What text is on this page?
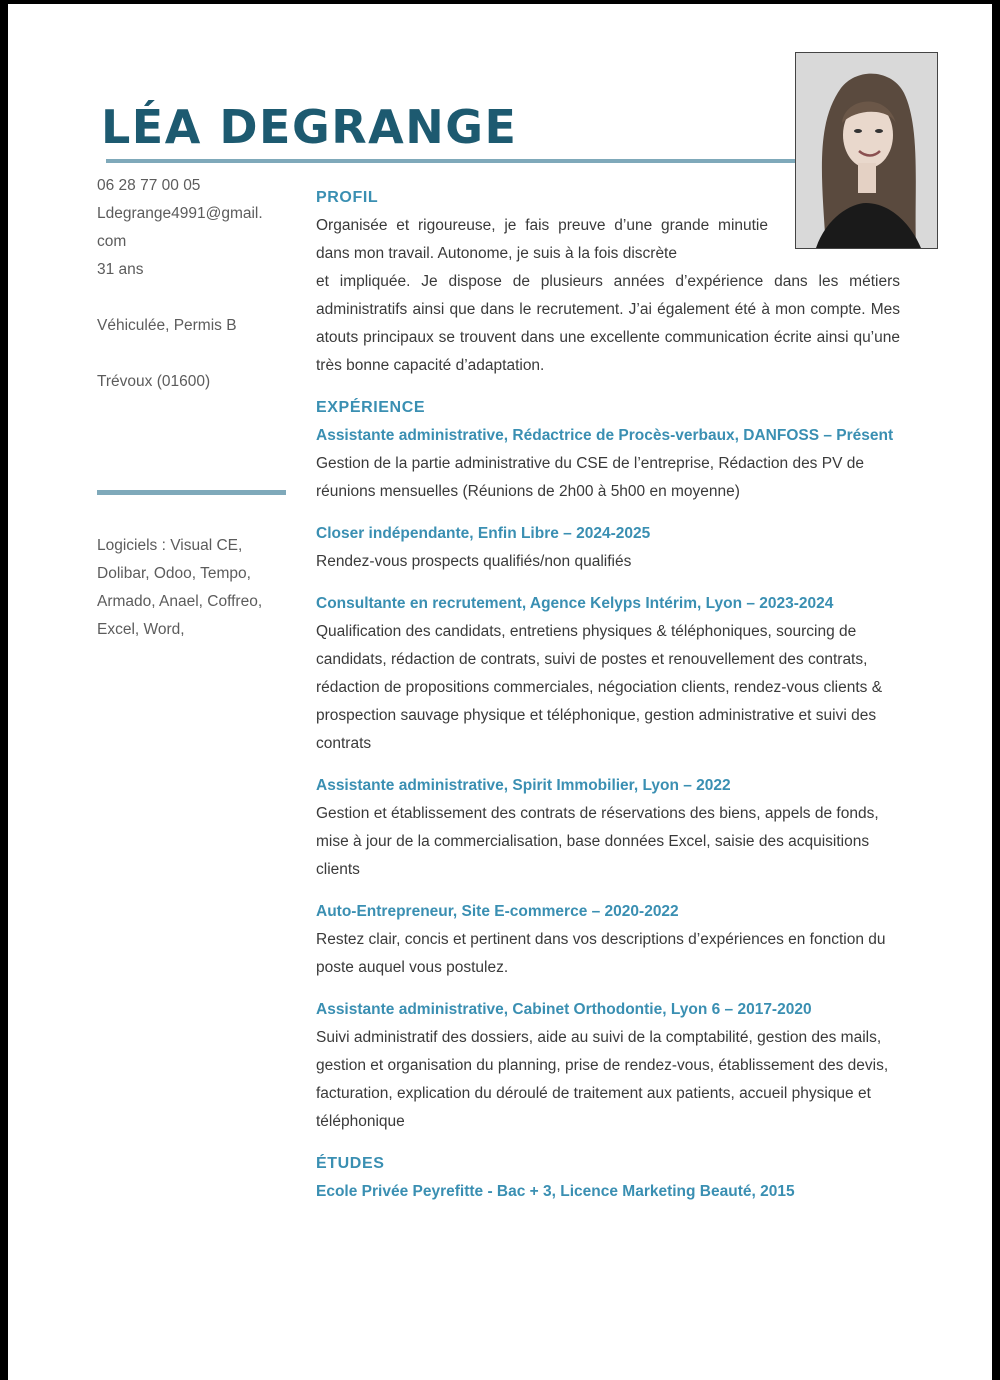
LÉA DEGRANGE

06 28 77 00 05

Ldegrange4991@gmail.
com

31 ans

Véhiculée, Permis B

Trévoux (01600)

Logiciels : Visual CE, Dolibar, Odoo, Tempo, Armado, Anael, Coffreo, Excel, Word,

PROFIL

Organisée et rigoureuse, je fais preuve d’une grande minutie dans mon travail. Autonome, je suis à la fois discrète
et impliquée. Je dispose de plusieurs années d’expérience dans les métiers administratifs ainsi que dans le recrutement. J’ai également été à mon compte. Mes atouts principaux se trouvent dans une excellente communication écrite ainsi qu’une très bonne capacité d’adaptation.

EXPÉRIENCE

Assistante administrative, Rédactrice de Procès-verbaux, DANFOSS – Présent

Gestion de la partie administrative du CSE de l’entreprise, Rédaction des PV de réunions mensuelles (Réunions de 2h00 à 5h00 en moyenne)

Closer indépendante, Enfin Libre – 2024-2025

Rendez-vous prospects qualifiés/non qualifiés

Consultante en recrutement, Agence Kelyps Intérim, Lyon – 2023-2024

Qualification des candidats, entretiens physiques & téléphoniques, sourcing de candidats, rédaction de contrats, suivi de postes et renouvellement des contrats, rédaction de propositions commerciales, négociation clients, rendez-vous clients & prospection sauvage physique et téléphonique, gestion administrative et suivi des contrats

Assistante administrative, Spirit Immobilier, Lyon – 2022

Gestion et établissement des contrats de réservations des biens, appels de fonds, mise à jour de la commercialisation, base données Excel, saisie des acquisitions clients

Auto-Entrepreneur, Site E-commerce – 2020-2022

Restez clair, concis et pertinent dans vos descriptions d’expériences en fonction du poste auquel vous postulez.

Assistante administrative, Cabinet Orthodontie, Lyon 6 – 2017-2020

Suivi administratif des dossiers, aide au suivi de la comptabilité, gestion des mails, gestion et organisation du planning, prise de rendez-vous, établissement des devis, facturation, explication du déroulé de traitement aux patients, accueil physique et téléphonique

ÉTUDES

Ecole Privée Peyrefitte - Bac + 3, Licence Marketing Beauté, 2015
